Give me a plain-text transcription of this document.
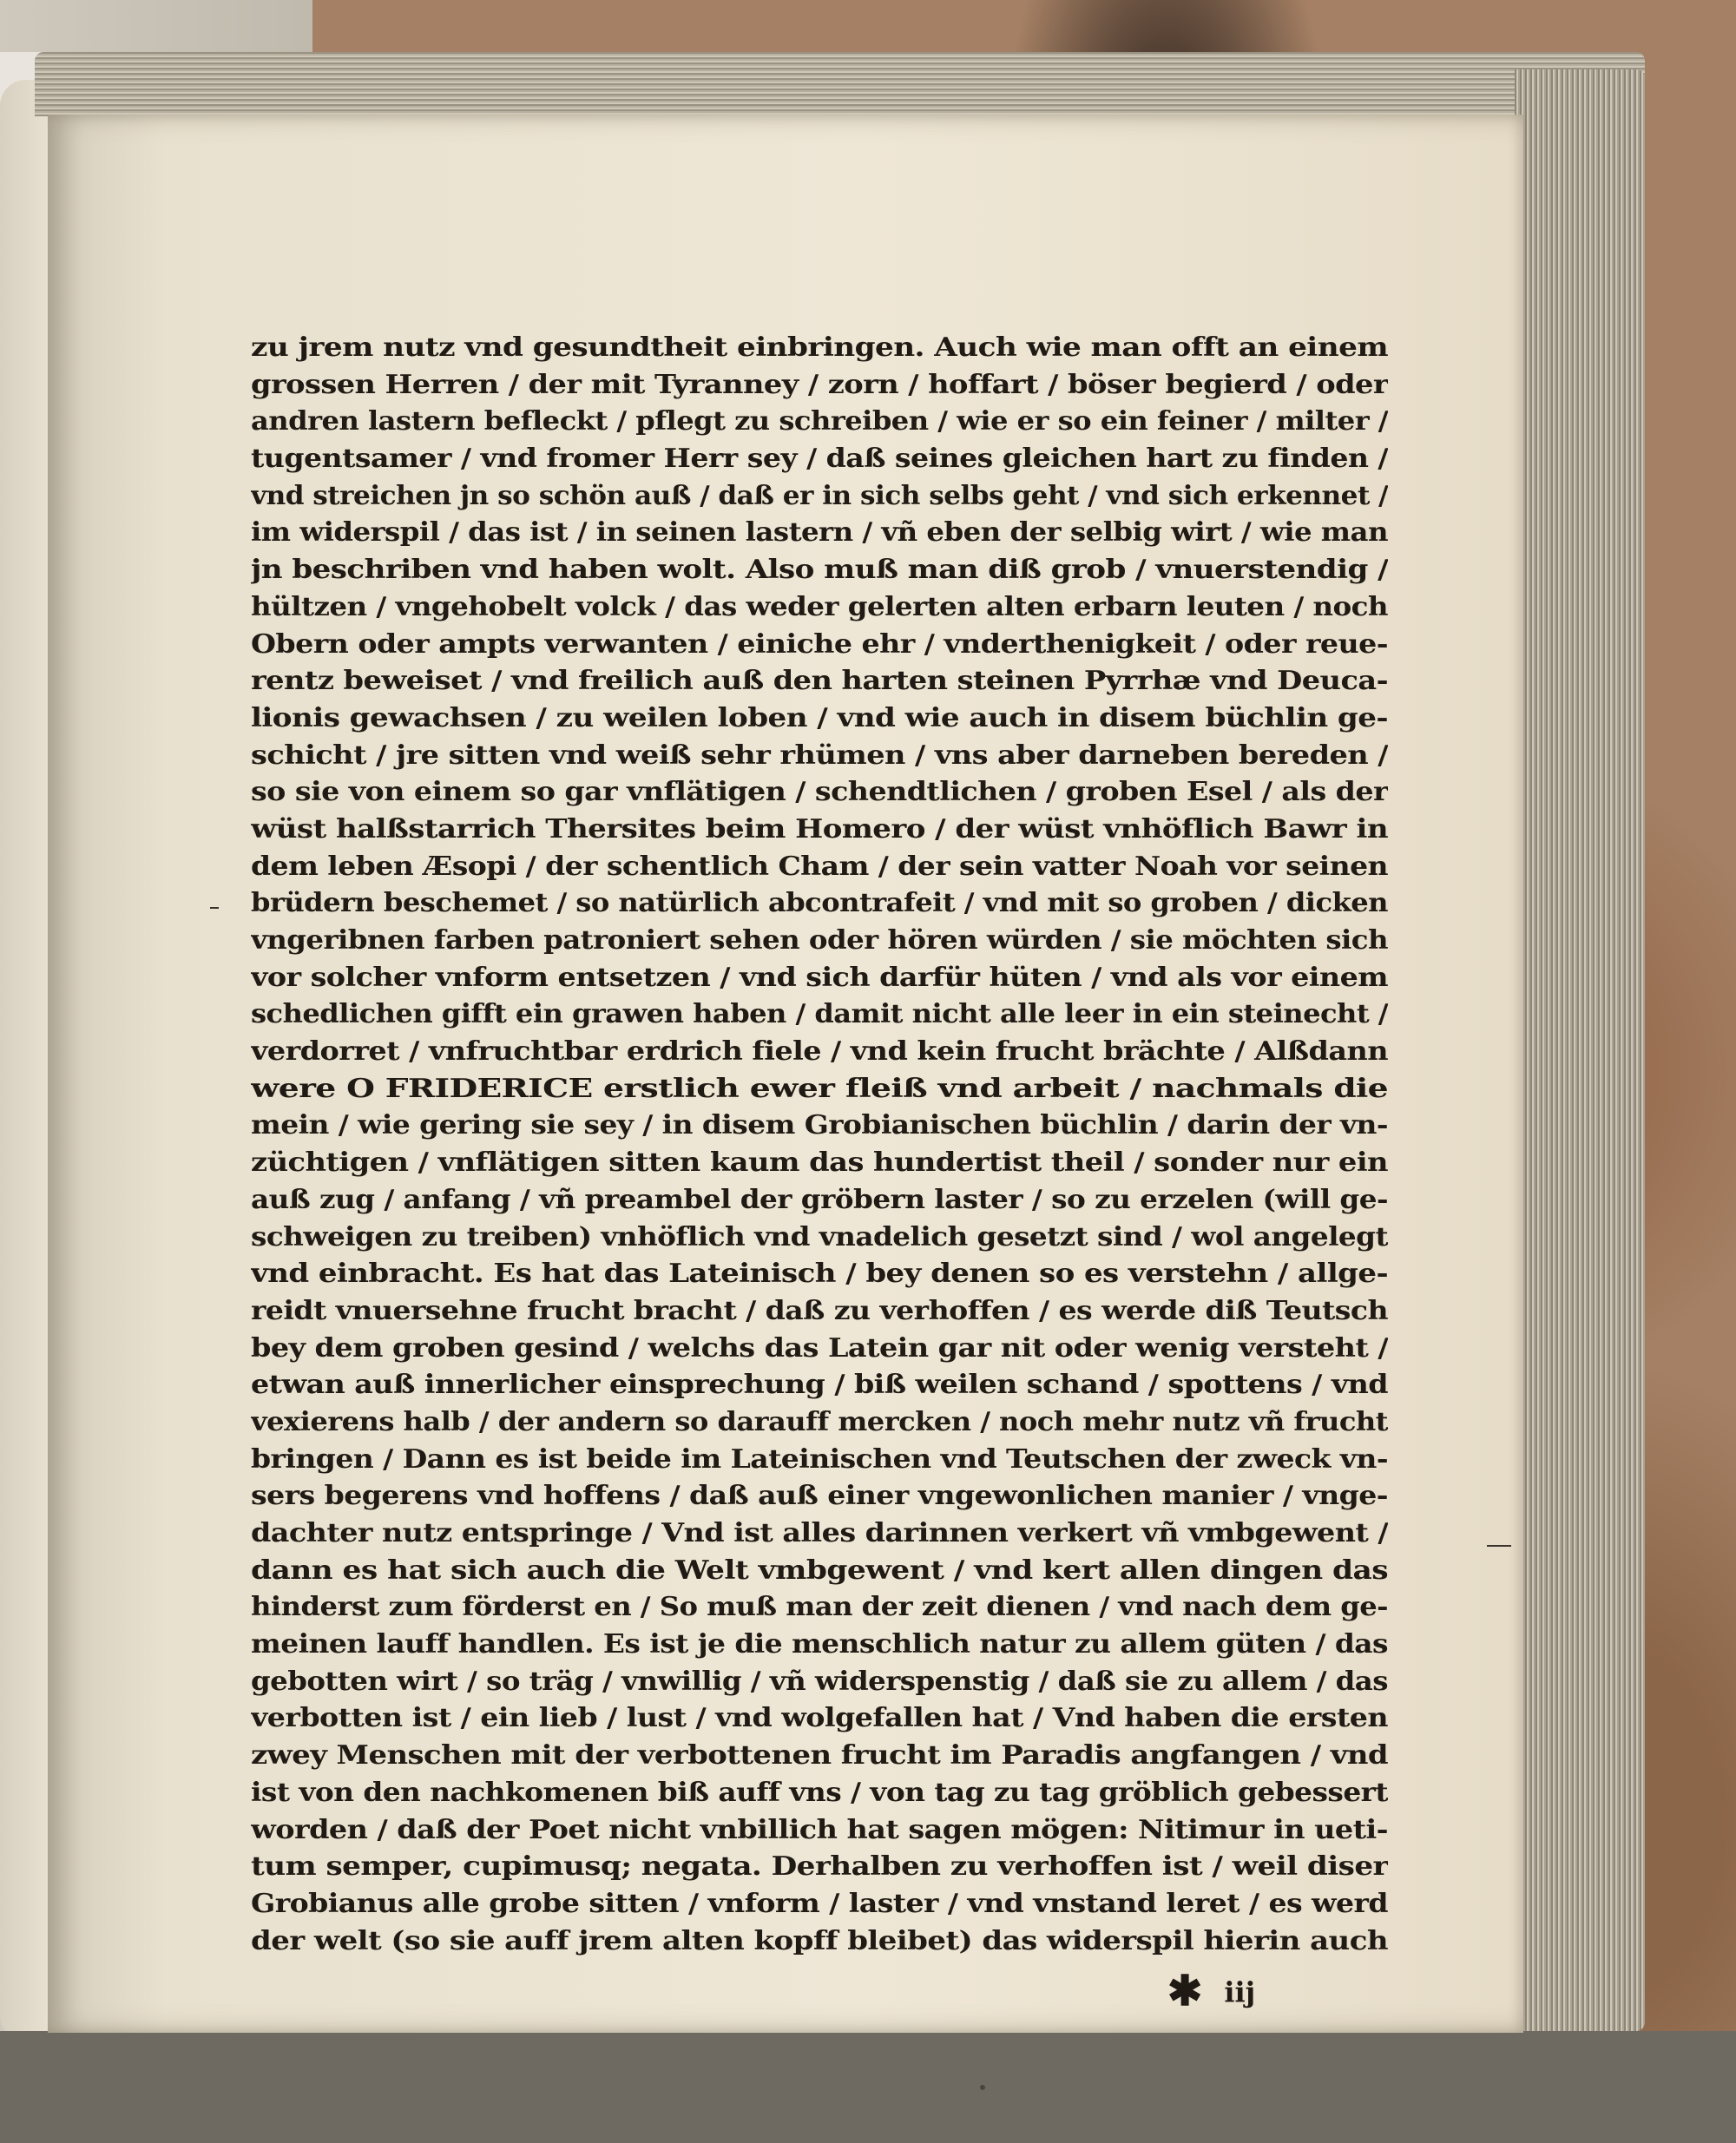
zu jrem nutz vnd gesundtheit einbringen. Auch wie man offt an einem
grossen Herren / der mit Tyranney / zorn / hoffart / böser begierd / oder
andren lastern befleckt / pflegt zu schreiben / wie er so ein feiner / milter /
tugentsamer / vnd fromer Herr sey / daß seines gleichen hart zu finden /
vnd streichen jn so schön auß / daß er in sich selbs geht / vnd sich erkennet /
im widerspil / das ist / in seinen lastern / vñ eben der selbig wirt / wie man
jn beschriben vnd haben wolt. Also muß man diß grob / vnuerstendig /
hültzen / vngehobelt volck / das weder gelerten alten erbarn leuten / noch
Obern oder ampts verwanten / einiche ehr / vnderthenigkeit / oder reue-
rentz beweiset / vnd freilich auß den harten steinen Pyrrhæ vnd Deuca-
lionis gewachsen / zu weilen loben / vnd wie auch in disem büchlin ge-
schicht / jre sitten vnd weiß sehr rhümen / vns aber darneben bereden /
so sie von einem so gar vnflätigen / schendtlichen / groben Esel / als der
wüst halßstarrich Thersites beim Homero / der wüst vnhöflich Bawr in
dem leben Æsopi / der schentlich Cham / der sein vatter Noah vor seinen
brüdern beschemet / so natürlich abcontrafeit / vnd mit so groben / dicken
vngeribnen farben patroniert sehen oder hören würden / sie möchten sich
vor solcher vnform entsetzen / vnd sich darfür hüten / vnd als vor einem
schedlichen gifft ein grawen haben / damit nicht alle leer in ein steinecht /
verdorret / vnfruchtbar erdrich fiele / vnd kein frucht brächte / Alßdann
were O FRIDERICE erstlich ewer fleiß vnd arbeit / nachmals die
mein / wie gering sie sey / in disem Grobianischen büchlin / darin der vn-
züchtigen / vnflätigen sitten kaum das hundertist theil / sonder nur ein
auß zug / anfang / vñ preambel der gröbern laster / so zu erzelen (will ge-
schweigen zu treiben) vnhöflich vnd vnadelich gesetzt sind / wol angelegt
vnd einbracht. Es hat das Lateinisch / bey denen so es verstehn / allge-
reidt vnuersehne frucht bracht / daß zu verhoffen / es werde diß Teutsch
bey dem groben gesind / welchs das Latein gar nit oder wenig versteht /
etwan auß innerlicher einsprechung / biß weilen schand / spottens / vnd
vexierens halb / der andern so darauff mercken / noch mehr nutz vñ frucht
bringen / Dann es ist beide im Lateinischen vnd Teutschen der zweck vn-
sers begerens vnd hoffens / daß auß einer vngewonlichen manier / vnge-
dachter nutz entspringe / Vnd ist alles darinnen verkert vñ vmbgewent /
dann es hat sich auch die Welt vmbgewent / vnd kert allen dingen das
hinderst zum förderst en / So muß man der zeit dienen / vnd nach dem ge-
meinen lauff handlen. Es ist je die menschlich natur zu allem güten / das
gebotten wirt / so träg / vnwillig / vñ widerspenstig / daß sie zu allem / das
verbotten ist / ein lieb / lust / vnd wolgefallen hat / Vnd haben die ersten
zwey Menschen mit der verbottenen frucht im Paradis angfangen / vnd
ist von den nachkomenen biß auff vns / von tag zu tag gröblich gebessert
worden / daß der Poet nicht vnbillich hat sagen mögen: Nitimur in ueti-
tum semper, cupimusq; negata. Derhalben zu verhoffen ist / weil diser
Grobianus alle grobe sitten / vnform / laster / vnd vnstand leret / es werd
der welt (so sie auff jrem alten kopff bleibet) das widerspil hierin auch
✱ iij
